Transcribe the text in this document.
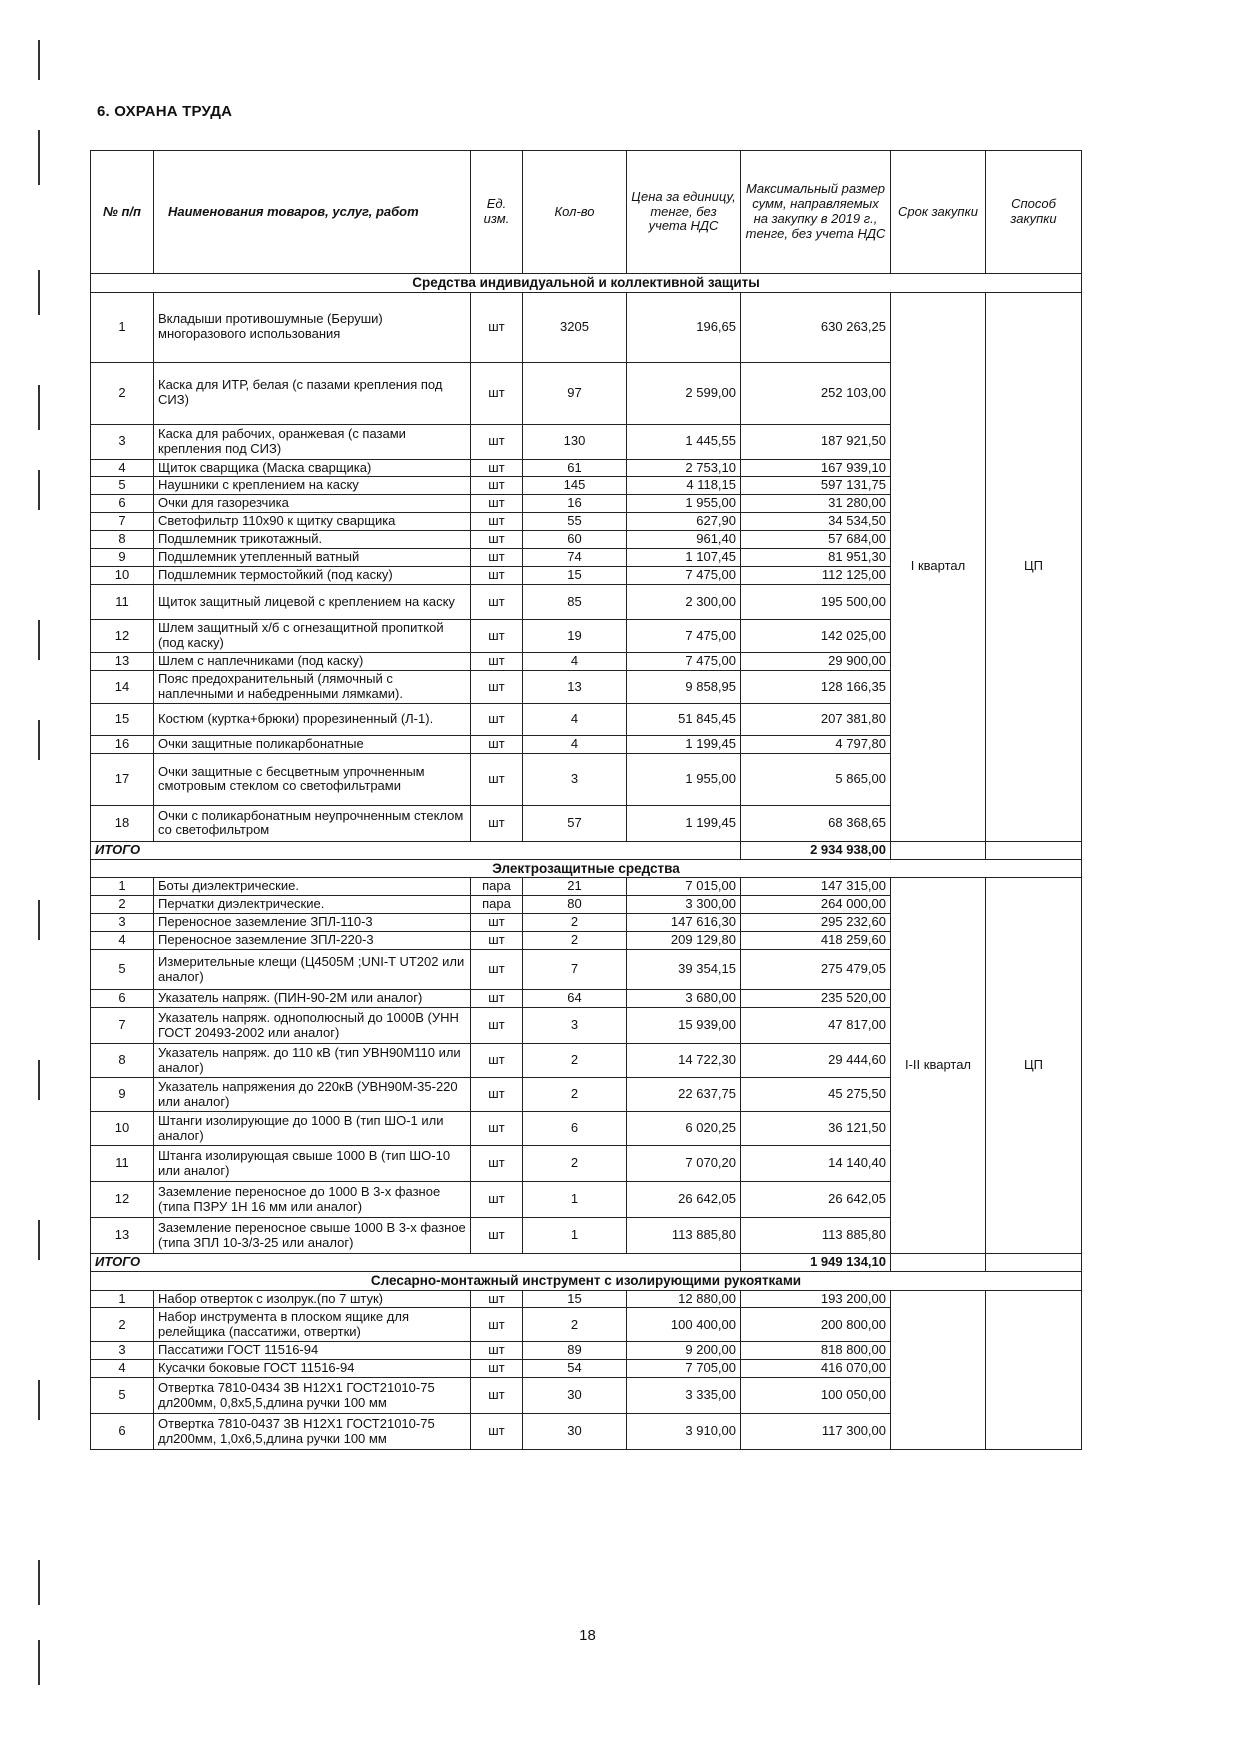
6. ОХРАНА ТРУДА
№ п/п	Наименования товаров, услуг, работ	Ед. изм.	Кол-во	Цена за единицу, тенге, без учета НДС	Максимальный размер сумм, направляемых на закупку в 2019 г., тенге, без учета НДС	Срок закупки	Способ закупки
Средства индивидуальной и коллективной защиты							
1	Вкладыши противошумные (Беруши) многоразового использования	шт	3205	196,65	630 263,25	I квартал	ЦП
2	Каска для ИТР, белая (с пазами крепления под СИЗ)	шт	97	2 599,00	252 103,00		
3	Каска для рабочих, оранжевая (с пазами крепления под СИЗ)	шт	130	1 445,55	187 921,50		
4	Щиток сварщика (Маска сварщика)	шт	61	2 753,10	167 939,10		
5	Наушники с креплением на каску	шт	145	4 118,15	597 131,75		
6	Очки для газорезчика	шт	16	1 955,00	31 280,00		
7	Светофильтр 110х90 к щитку сварщика	шт	55	627,90	34 534,50		
8	Подшлемник трикотажный.	шт	60	961,40	57 684,00		
9	Подшлемник утепленный ватный	шт	74	1 107,45	81 951,30		
10	Подшлемник термостойкий (под каску)	шт	15	7 475,00	112 125,00		
11	Щиток защитный лицевой с креплением на каску	шт	85	2 300,00	195 500,00		
12	Шлем защитный х/б с огнезащитной пропиткой (под каску)	шт	19	7 475,00	142 025,00		
13	Шлем с наплечниками (под каску)	шт	4	7 475,00	29 900,00		
14	Пояс предохранительный (лямочный с наплечными и набедренными лямками).	шт	13	9 858,95	128 166,35		
15	Костюм (куртка+брюки) прорезиненный (Л-1).	шт	4	51 845,45	207 381,80		
16	Очки защитные поликарбонатные	шт	4	1 199,45	4 797,80		
17	Очки защитные с бесцветным упрочненным смотровым стеклом со светофильтрами	шт	3	1 955,00	5 865,00		
18	Очки с поликарбонатным неупрочненным стеклом со светофильтром	шт	57	1 199,45	68 368,65		
ИТОГО					2 934 938,00		
Электрозащитные средства							
1	Боты диэлектрические.	пара	21	7 015,00	147 315,00	I-II квартал	ЦП
2	Перчатки диэлектрические.	пара	80	3 300,00	264 000,00		
3	Переносное заземление ЗПЛ-110-3	шт	2	147 616,30	295 232,60		
4	Переносное заземление ЗПЛ-220-3	шт	2	209 129,80	418 259,60		
5	Измерительные клещи (Ц4505М ;UNI-T UT202 или аналог)	шт	7	39 354,15	275 479,05		
6	Указатель напряж. (ПИН-90-2М или аналог)	шт	64	3 680,00	235 520,00		
7	Указатель напряж. однополюсный до 1000В (УНН ГОСТ 20493-2002 или аналог)	шт	3	15 939,00	47 817,00		
8	Указатель напряж. до 110 кВ (тип УВН90М110 или аналог)	шт	2	14 722,30	29 444,60		
9	Указатель напряжения до 220кВ (УВН90М-35-220 или аналог)	шт	2	22 637,75	45 275,50		
10	Штанги изолирующие до 1000 В (тип ШО-1 или аналог)	шт	6	6 020,25	36 121,50		
11	Штанга изолирующая свыше 1000 В (тип ШО-10 или аналог)	шт	2	7 070,20	14 140,40		
12	Заземление переносное до 1000 В 3-х фазное (типа ПЗРУ 1Н 16 мм или аналог)	шт	1	26 642,05	26 642,05		
13	Заземление переносное свыше 1000 В 3-х фазное (типа ЗПЛ 10-3/3-25 или аналог)	шт	1	113 885,80	113 885,80		
ИТОГО					1 949 134,10		
Слесарно-монтажный инструмент с изолирующими рукоятками							
1	Набор отверток с изолрук.(по 7 штук)	шт	15	12 880,00	193 200,00		
2	Набор инструмента в плоском ящике для релейщика (пассатижи, отвертки)	шт	2	100 400,00	200 800,00		
3	Пассатижи ГОСТ 11516-94	шт	89	9 200,00	818 800,00		
4	Кусачки боковые ГОСТ 11516-94	шт	54	7 705,00	416 070,00		
5	Отвертка 7810-0434 3В Н12Х1 ГОСТ21010-75 дл200мм, 0,8х5,5,длина ручки 100 мм	шт	30	3 335,00	100 050,00		
6	Отвертка 7810-0437 3В Н12Х1 ГОСТ21010-75 дл200мм, 1,0х6,5,длина ручки 100 мм	шт	30	3 910,00	117 300,00		
18
